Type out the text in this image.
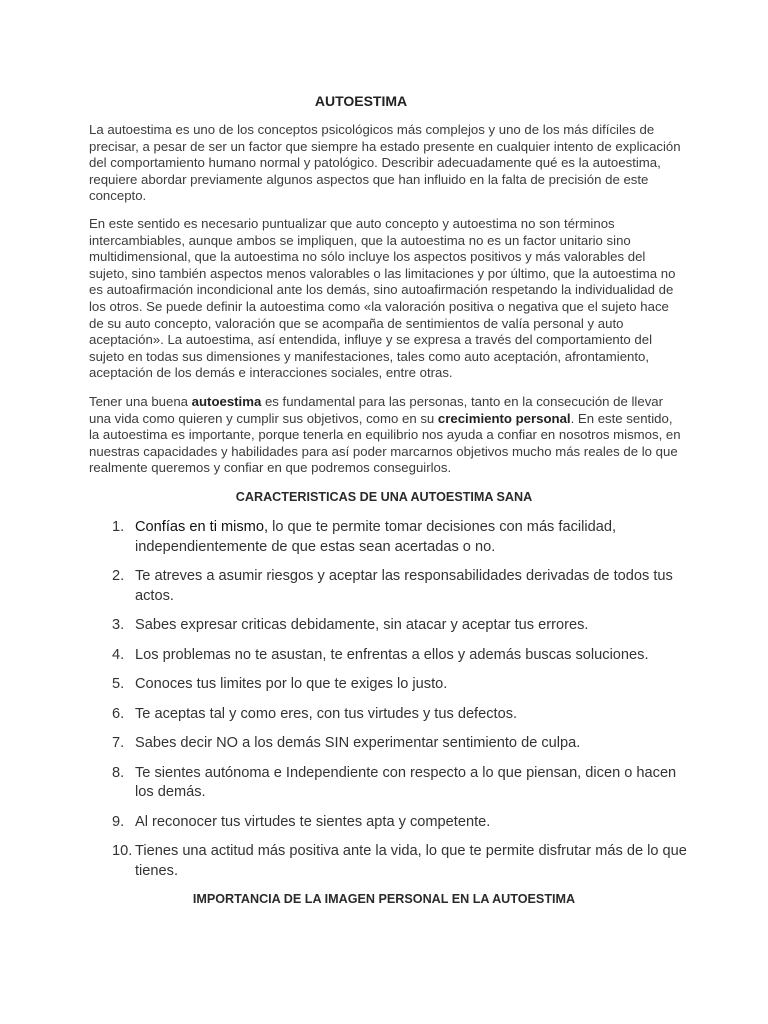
AUTOESTIMA

La autoestima es uno de los conceptos psicológicos más complejos y uno de los más difíciles de precisar, a pesar de ser un factor que siempre ha estado presente en cualquier intento de explicación del comportamiento humano normal y patológico. Describir adecuadamente qué es la autoestima, requiere abordar previamente algunos aspectos que han influido en la falta de precisión de este concepto.

En este sentido es necesario puntualizar que auto concepto y autoestima no son términos intercambiables, aunque ambos se impliquen, que la autoestima no es un factor unitario sino multidimensional, que la autoestima no sólo incluye los aspectos positivos y más valorables del sujeto, sino también aspectos menos valorables o las limitaciones y por último, que la autoestima no es autoafirmación incondicional ante los demás, sino autoafirmación respetando la individualidad de los otros. Se puede definir la autoestima como «la valoración positiva o negativa que el sujeto hace de su auto concepto, valoración que se acompaña de sentimientos de valía personal y auto aceptación». La autoestima, así entendida, influye y se expresa a través del comportamiento del sujeto en todas sus dimensiones y manifestaciones, tales como auto aceptación, afrontamiento, aceptación de los demás e interacciones sociales, entre otras.

Tener una buena autoestima es fundamental para las personas, tanto en la consecución de llevar una vida como quieren y cumplir sus objetivos, como en su crecimiento personal. En este sentido, la autoestima es importante, porque tenerla en equilibrio nos ayuda a confiar en nosotros mismos, en nuestras capacidades y habilidades para así poder marcarnos objetivos mucho más reales de lo que realmente queremos y confiar en que podremos conseguirlos.

CARACTERISTICAS DE UNA AUTOESTIMA SANA
1. Confías en ti mismo, lo que te permite tomar decisiones con más facilidad, independientemente de que estas sean acertadas o no.
2. Te atreves a asumir riesgos y aceptar las responsabilidades derivadas de todos tus actos.
3. Sabes expresar criticas debidamente, sin atacar y aceptar tus errores.
4. Los problemas no te asustan, te enfrentas a ellos y además buscas soluciones.
5. Conoces tus limites por lo que te exiges lo justo.
6. Te aceptas tal y como eres, con tus virtudes y tus defectos.
7. Sabes decir NO a los demás SIN experimentar sentimiento de culpa.
8. Te sientes autónoma e Independiente con respecto a lo que piensan, dicen o hacen los demás.
9. Al reconocer tus virtudes te sientes apta y competente.
10. Tienes una actitud más positiva ante la vida, lo que te permite disfrutar más de lo que tienes.
IMPORTANCIA DE LA IMAGEN PERSONAL EN LA AUTOESTIMA
